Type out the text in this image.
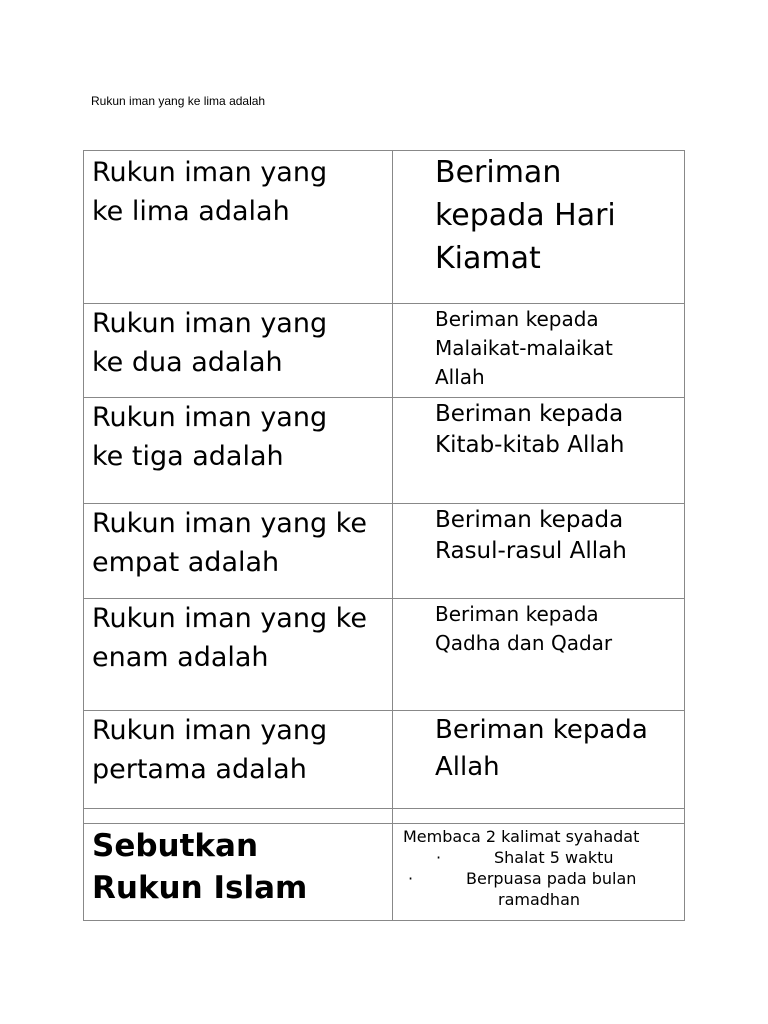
Rukun iman yang ke lima adalah
Rukun iman yang ke lima adalah	Beriman kepada Hari Kiamat

Rukun iman yang ke dua adalah	Beriman kepada Malaikat-malaikat Allah

Rukun iman yang ke tiga adalah	Beriman kepada Kitab-kitab Allah

Rukun iman yang ke empat adalah	Beriman kepada Rasul-rasul Allah

Rukun iman yang ke enam adalah	Beriman kepada Qadha dan Qadar

Rukun iman yang pertama adalah	Beriman kepada Allah

Sebutkan Rukun Islam	Membaca 2 kalimat syahadat
· Shalat 5 waktu
· Berpuasa pada bulan
ramadhan
